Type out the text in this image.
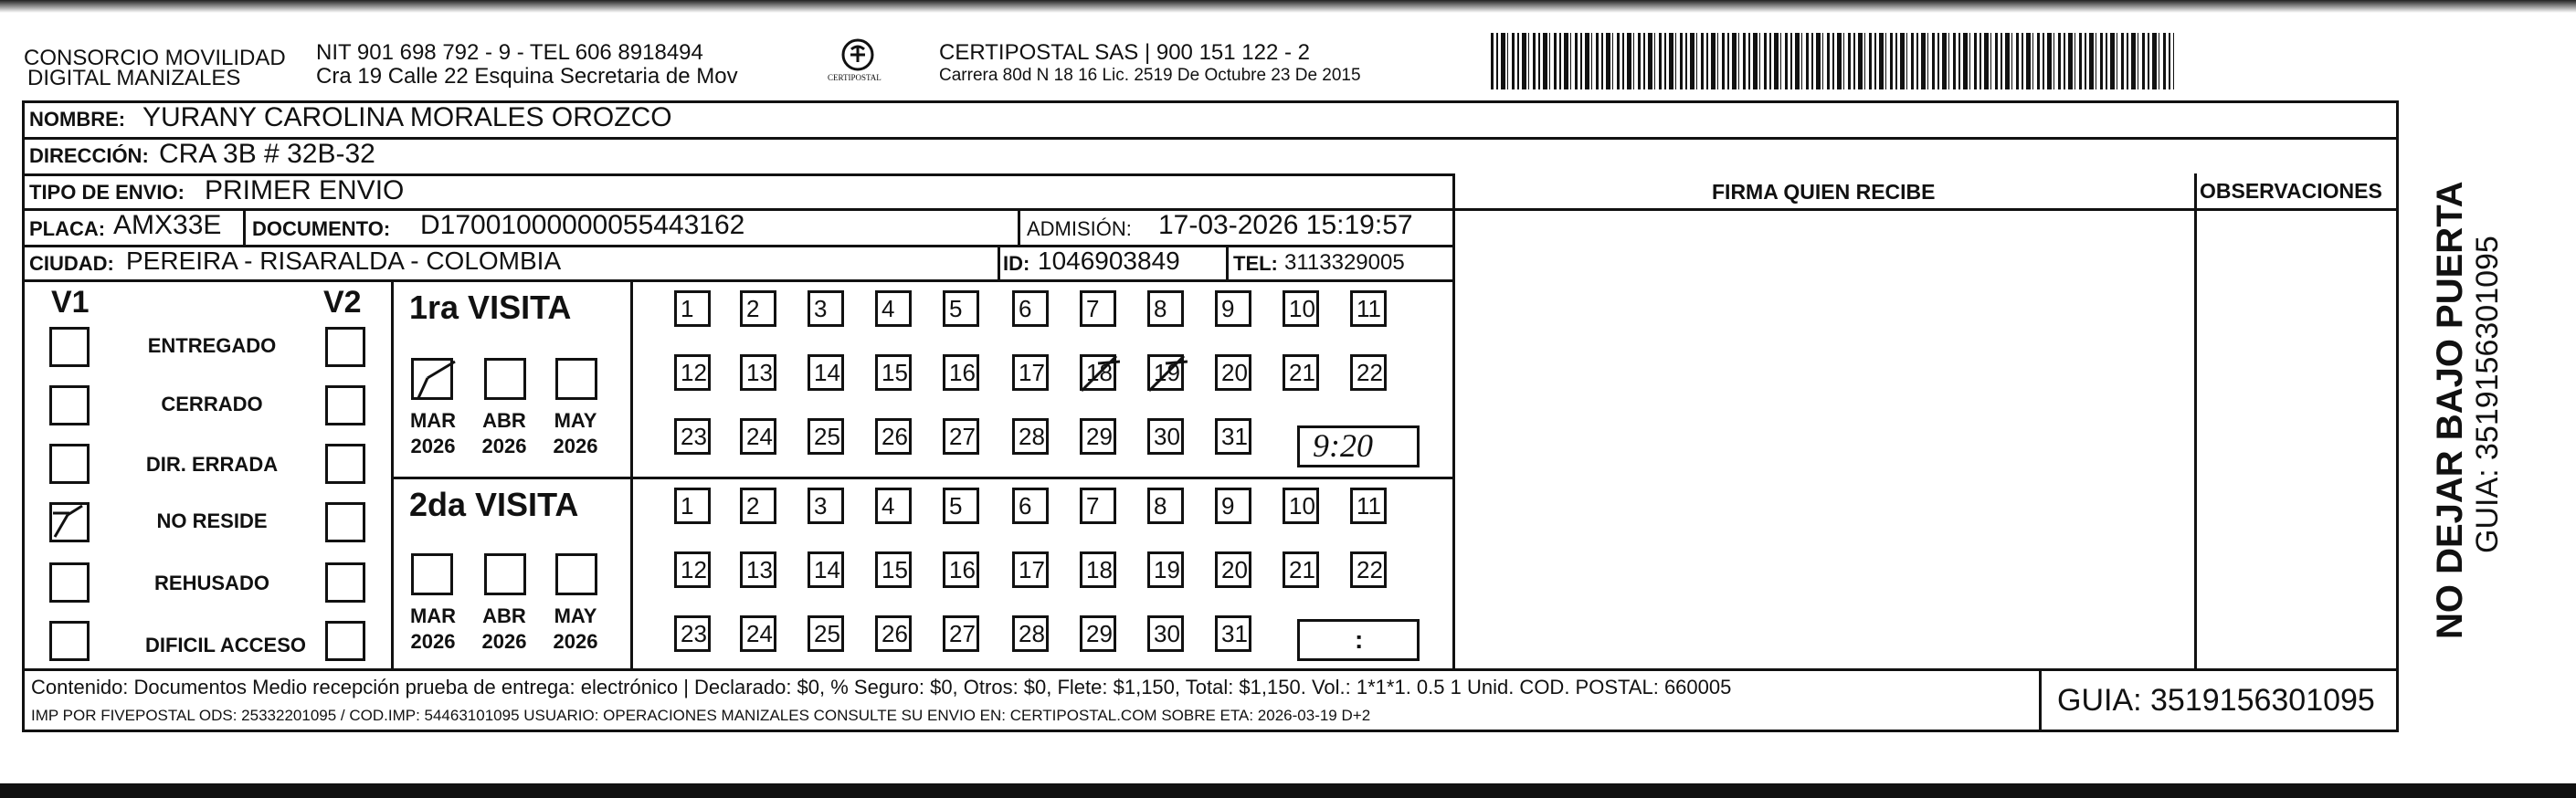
CONSORCIO MOVILIDAD
DIGITAL MANIZALES
NIT 901 698 792 - 9 - TEL 606 8918494
Cra 19 Calle 22 Esquina Secretaria de Mov	CERTIPOSTAL
CERTIPOSTAL SAS | 900 151 122 - 2
Carrera 80d N 18 16 Lic. 2519 De Octubre 23 De 2015
NOMBRE: YURANY CAROLINA MORALES OROZCO
DIRECCIÓN: CRA 3B # 32B-32
TIPO DE ENVIO: PRIMER ENVIO	FIRMA QUIEN RECIBE	OBSERVACIONES
PLACA: AMX33E DOCUMENTO: D17001000000055443162	ADMISIÓN: 17-03-2026 15:19:57
CIUDAD: PEREIRA - RISARALDA - COLOMBIA	ID: 1046903849	TEL: 3113329005
V1	V2
ENTREGADO
CERRADO
DIR. ERRADA
NO RESIDE
REHUSADO
DIFICIL ACCESO
1ra VISITA
2da VISITA
MAR	ABR	MAY
2026	2026	2026
MAR	ABR	MAY
2026	2026	2026
1	2	3	4	5	6	7	8	9	10 11
12 13 14 15 16 17 18 19 20 21 22
23 24 25 26 27 28 29 30 31
1	2	3	4	5	6	7	8	9	10 11
12 13 14 15 16 17 18 19 20 21 22
23 24 25 26 27 28 29 30 31
9:20
:
Contenido: Documentos Medio recepción prueba de entrega: electrónico | Declarado: $0, % Seguro: $0, Otros: $0, Flete: $1,150, Total: $1,150. Vol.: 1*1*1. 0.5 1 Unid. COD. POSTAL: 660005
IMP POR FIVEPOSTAL ODS: 25332201095 / COD.IMP: 54463101095 USUARIO: OPERACIONES MANIZALES CONSULTE SU ENVIO EN: CERTIPOSTAL.COM SOBRE ETA: 2026-03-19 D+2	GUIA: 3519156301095
NO DEJAR BAJO PUERTA GUIA: 3519156301095
